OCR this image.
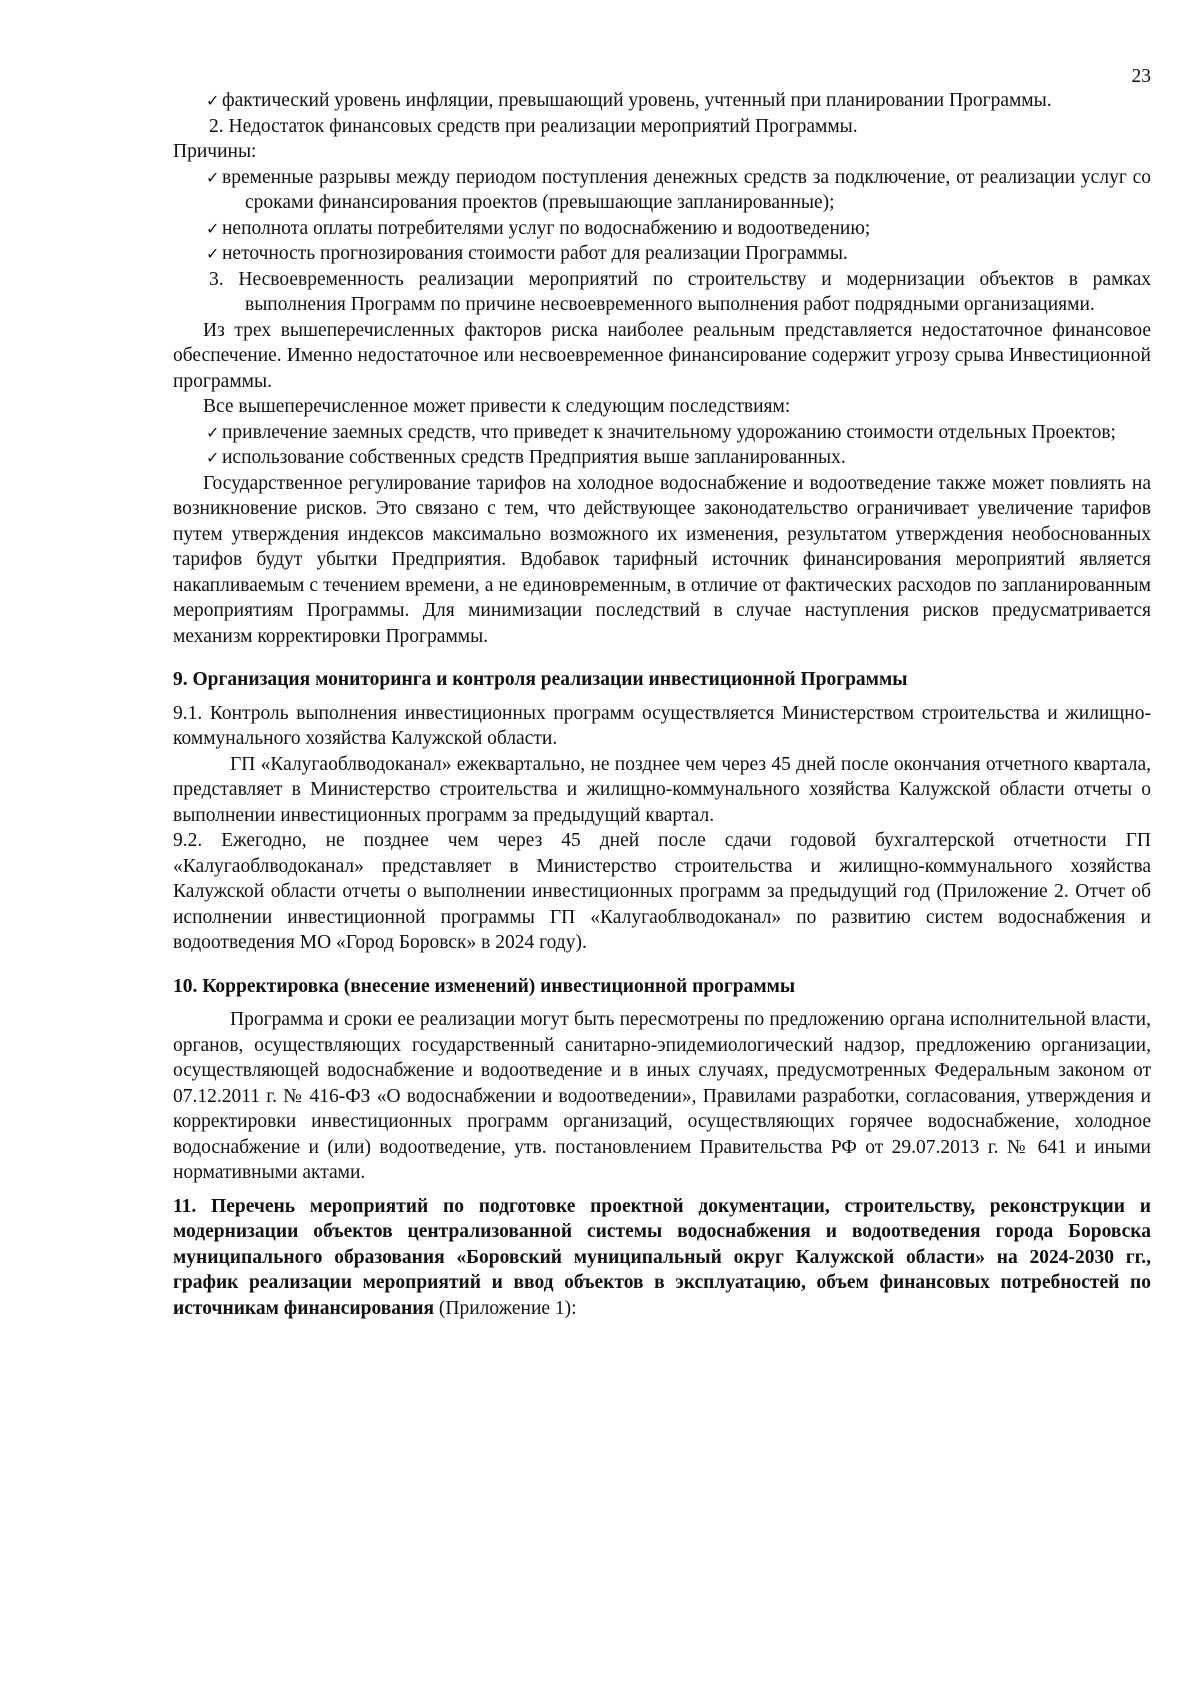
23

✓ фактический уровень инфляции, превышающий уровень, учтенный при планировании Программы.

2. Недостаток финансовых средств при реализации мероприятий Программы.

Причины:

✓ временные разрывы между периодом поступления денежных средств за подключение, от реализации услуг со сроками финансирования проектов (превышающие запланированные);

✓ неполнота оплаты потребителями услуг по водоснабжению и водоотведению;

✓ неточность прогнозирования стоимости работ для реализации Программы.

3. Несвоевременность реализации мероприятий по строительству и модернизации объектов в рамках выполнения Программ по причине несвоевременного выполнения работ подрядными организациями.

Из трех вышеперечисленных факторов риска наиболее реальным представляется недостаточное финансовое обеспечение. Именно недостаточное или несвоевременное финансирование содержит угрозу срыва Инвестиционной программы.

Все вышеперечисленное может привести к следующим последствиям:

✓ привлечение заемных средств, что приведет к значительному удорожанию стоимости отдельных Проектов;

✓ использование собственных средств Предприятия выше запланированных.

Государственное регулирование тарифов на холодное водоснабжение и водоотведение также может повлиять на возникновение рисков. Это связано с тем, что действующее законодательство ограничивает увеличение тарифов путем утверждения индексов максимально возможного их изменения, результатом утверждения необоснованных тарифов будут убытки Предприятия. Вдобавок тарифный источник финансирования мероприятий является накапливаемым с течением времени, а не единовременным, в отличие от фактических расходов по запланированным мероприятиям Программы. Для минимизации последствий в случае наступления рисков предусматривается механизм корректировки Программы.

9. Организация мониторинга и контроля реализации инвестиционной Программы

9.1. Контроль выполнения инвестиционных программ осуществляется Министерством строительства и жилищно-коммунального хозяйства Калужской области.

ГП «Калугаоблводоканал» ежеквартально, не позднее чем через 45 дней после окончания отчетного квартала, представляет в Министерство строительства и жилищно-коммунального хозяйства Калужской области отчеты о выполнении инвестиционных программ за предыдущий квартал.

9.2. Ежегодно, не позднее чем через 45 дней после сдачи годовой бухгалтерской отчетности ГП «Калугаоблводоканал» представляет в Министерство строительства и жилищно-коммунального хозяйства Калужской области отчеты о выполнении инвестиционных программ за предыдущий год (Приложение 2. Отчет об исполнении инвестиционной программы ГП «Калугаоблводоканал» по развитию систем водоснабжения и водоотведения МО «Город Боровск» в 2024 году).

10. Корректировка (внесение изменений) инвестиционной программы

Программа и сроки ее реализации могут быть пересмотрены по предложению органа исполнительной власти, органов, осуществляющих государственный санитарно-эпидемиологический надзор, предложению организации, осуществляющей водоснабжение и водоотведение и в иных случаях, предусмотренных Федеральным законом от 07.12.2011 г. № 416-ФЗ «О водоснабжении и водоотведении», Правилами разработки, согласования, утверждения и корректировки инвестиционных программ организаций, осуществляющих горячее водоснабжение, холодное водоснабжение и (или) водоотведение, утв. постановлением Правительства РФ от 29.07.2013 г. № 641 и иными нормативными актами.

11. Перечень мероприятий по подготовке проектной документации, строительству, реконструкции и модернизации объектов централизованной системы водоснабжения и водоотведения города Боровска муниципального образования «Боровский муниципальный округ Калужской области» на 2024-2030 гг., график реализации мероприятий и ввод объектов в эксплуатацию, объем финансовых потребностей по источникам финансирования (Приложение 1):
